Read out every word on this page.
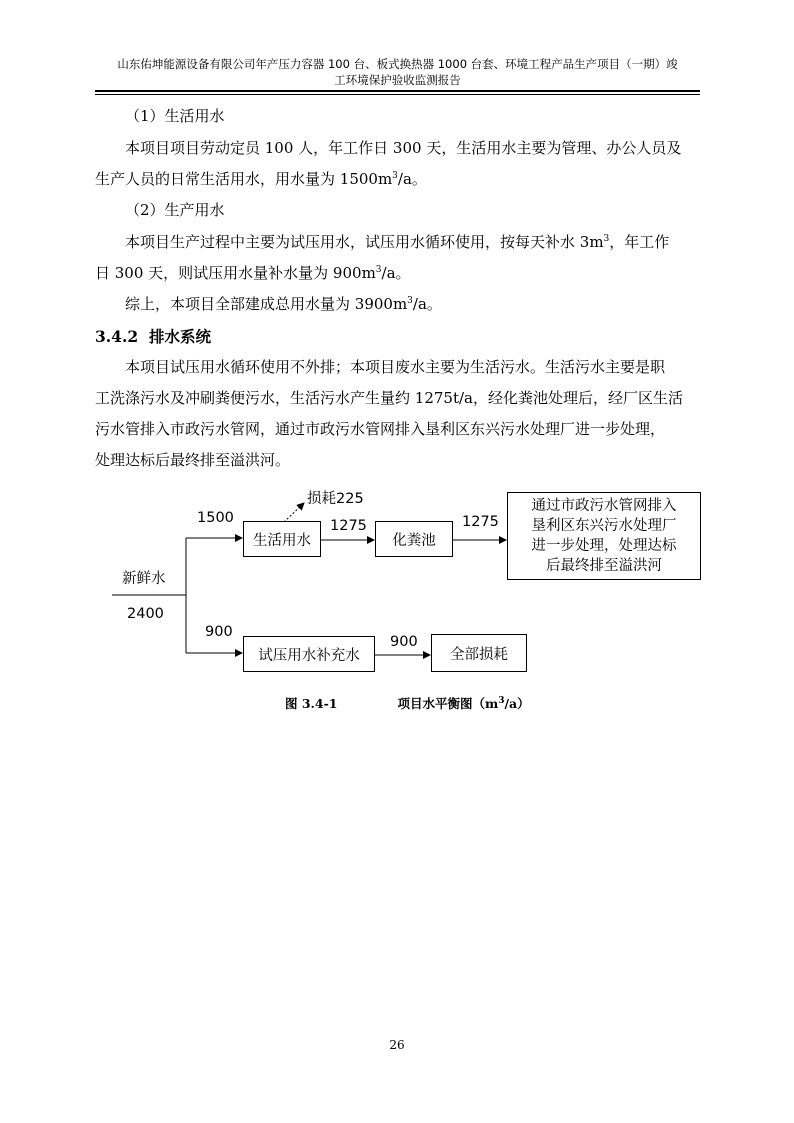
山东佑坤能源设备有限公司年产压力容器 100 台、板式换热器 1000 台套、环境工程产品生产项目（一期）竣
工环境保护验收监测报告
（1）生活用水
本项目项目劳动定员 100 人，年工作日 300 天，生活用水主要为管理、办公人员及
生产人员的日常生活用水，用水量为 $1500m^3/a$。
（2）生产用水
本项目生产过程中主要为试压用水，试压用水循环使用，按每天补水 $3m^3$，年工作
日 300 天，则试压用水量补水量为 $900m^3/a$。
综上，本项目全部建成总用水量为 $3900m^3/a$。
3.4.2 排水系统
本项目试压用水循环使用不外排；本项目废水主要为生活污水。生活污水主要是职
工洗涤污水及冲刷粪便污水，生活污水产生量约 1275t/a，经化粪池处理后，经厂区生活
污水管排入市政污水管网，通过市政污水管网排入垦利区东兴污水处理厂进一步处理，
处理达标后最终排至溢洪河。
新鲜水
2400
1500
900
生活用水
损耗225
1275
化粪池
1275
通过市政污水管网排入
垦利区东兴污水处理厂
进一步处理，处理达标
后最终排至溢洪河
试压用水补充水
900
全部损耗
图 3.4-1	项目水平衡图$(m^3/a)$
26
